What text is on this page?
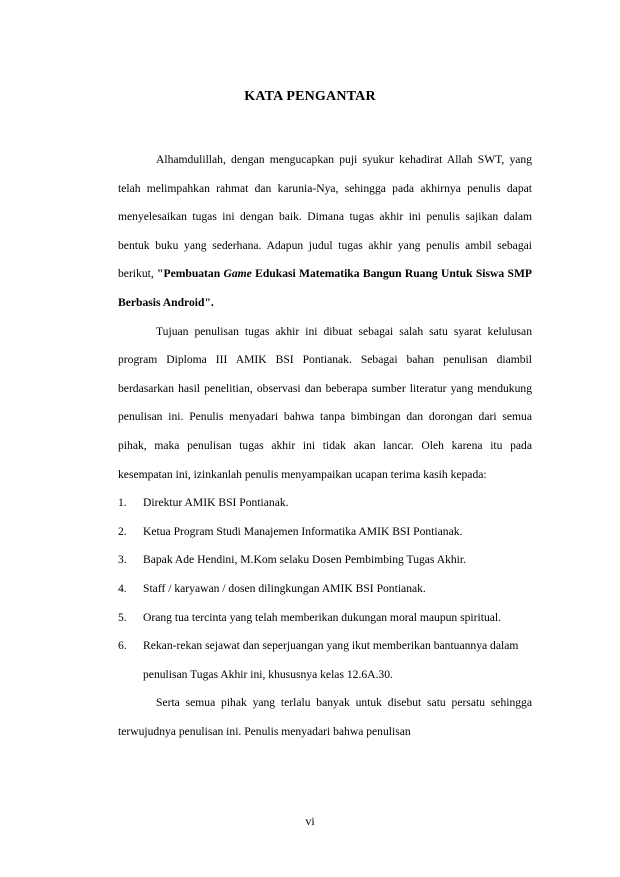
KATA PENGANTAR

Alhamdulillah, dengan mengucapkan puji syukur kehadirat Allah SWT, yang telah melimpahkan rahmat dan karunia-Nya, sehingga pada akhirnya penulis dapat menyelesaikan tugas ini dengan baik. Dimana tugas akhir ini penulis sajikan dalam bentuk buku yang sederhana. Adapun judul tugas akhir yang penulis ambil sebagai berikut, "Pembuatan Game Edukasi Matematika Bangun Ruang Untuk Siswa SMP Berbasis Android".

Tujuan penulisan tugas akhir ini dibuat sebagai salah satu syarat kelulusan program Diploma III AMIK BSI Pontianak. Sebagai bahan penulisan diambil berdasarkan hasil penelitian, observasi dan beberapa sumber literatur yang mendukung penulisan ini. Penulis menyadari bahwa tanpa bimbingan dan dorongan dari semua pihak, maka penulisan tugas akhir ini tidak akan lancar. Oleh karena itu pada kesempatan ini, izinkanlah penulis menyampaikan ucapan terima kasih kepada:

1. Direktur AMIK BSI Pontianak.
2. Ketua Program Studi Manajemen Informatika AMIK BSI Pontianak.
3. Bapak Ade Hendini, M.Kom selaku Dosen Pembimbing Tugas Akhir.
4. Staff / karyawan / dosen dilingkungan AMIK BSI Pontianak.
5. Orang tua tercinta yang telah memberikan dukungan moral maupun spiritual.
6. Rekan-rekan sejawat dan seperjuangan yang ikut memberikan bantuannya dalam penulisan Tugas Akhir ini, khususnya kelas 12.6A.30.

Serta semua pihak yang terlalu banyak untuk disebut satu persatu sehingga terwujudnya penulisan ini. Penulis menyadari bahwa penulisan

vi
